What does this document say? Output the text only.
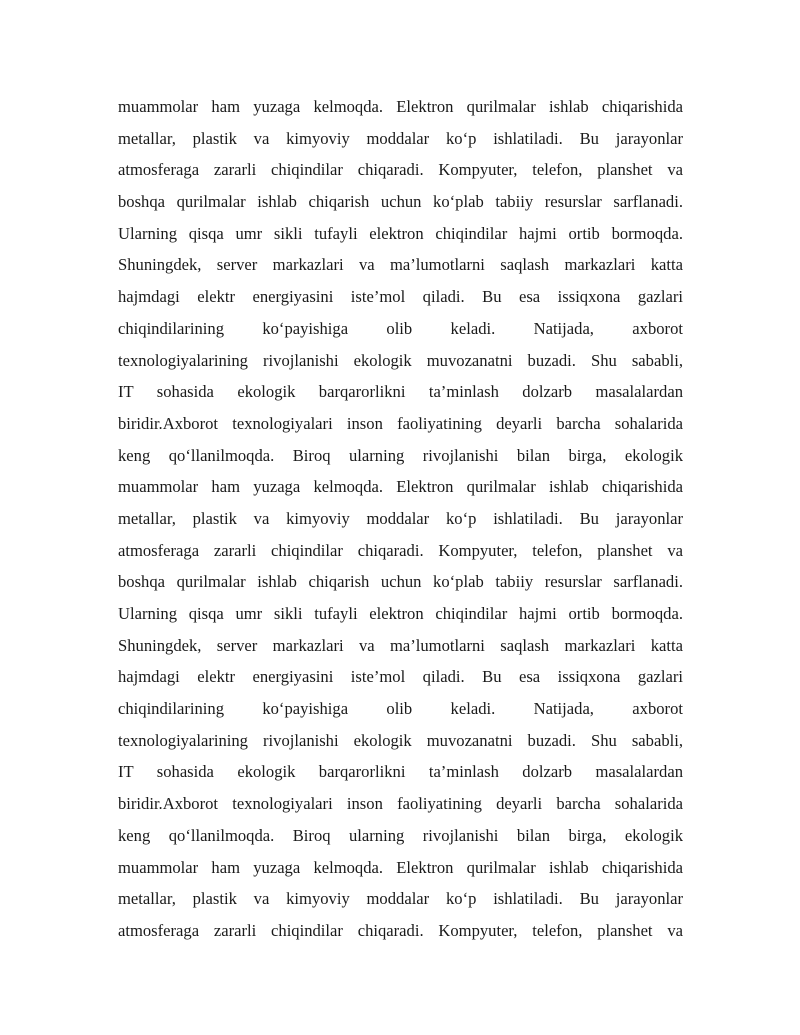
muammolar ham yuzaga kelmoqda. Elektron qurilmalar ishlab chiqarishida
metallar, plastik va kimyoviy moddalar ko‘p ishlatiladi. Bu jarayonlar
atmosferaga zararli chiqindilar chiqaradi. Kompyuter, telefon, planshet va
boshqa qurilmalar ishlab chiqarish uchun ko‘plab tabiiy resurslar sarflanadi.
Ularning qisqa umr sikli tufayli elektron chiqindilar hajmi ortib bormoqda.
Shuningdek, server markazlari va ma’lumotlarni saqlash markazlari katta
hajmdagi elektr energiyasini iste’mol qiladi. Bu esa issiqxona gazlari
chiqindilarining ko‘payishiga olib keladi. Natijada, axborot
texnologiyalarining rivojlanishi ekologik muvozanatni buzadi. Shu sababli,
IT sohasida ekologik barqarorlikni ta’minlash dolzarb masalalardan
biridir.Axborot texnologiyalari inson faoliyatining deyarli barcha sohalarida
keng qo‘llanilmoqda. Biroq ularning rivojlanishi bilan birga, ekologik
muammolar ham yuzaga kelmoqda. Elektron qurilmalar ishlab chiqarishida
metallar, plastik va kimyoviy moddalar ko‘p ishlatiladi. Bu jarayonlar
atmosferaga zararli chiqindilar chiqaradi. Kompyuter, telefon, planshet va
boshqa qurilmalar ishlab chiqarish uchun ko‘plab tabiiy resurslar sarflanadi.
Ularning qisqa umr sikli tufayli elektron chiqindilar hajmi ortib bormoqda.
Shuningdek, server markazlari va ma’lumotlarni saqlash markazlari katta
hajmdagi elektr energiyasini iste’mol qiladi. Bu esa issiqxona gazlari
chiqindilarining ko‘payishiga olib keladi. Natijada, axborot
texnologiyalarining rivojlanishi ekologik muvozanatni buzadi. Shu sababli,
IT sohasida ekologik barqarorlikni ta’minlash dolzarb masalalardan
biridir.Axborot texnologiyalari inson faoliyatining deyarli barcha sohalarida
keng qo‘llanilmoqda. Biroq ularning rivojlanishi bilan birga, ekologik
muammolar ham yuzaga kelmoqda. Elektron qurilmalar ishlab chiqarishida
metallar, plastik va kimyoviy moddalar ko‘p ishlatiladi. Bu jarayonlar
atmosferaga zararli chiqindilar chiqaradi. Kompyuter, telefon, planshet va
